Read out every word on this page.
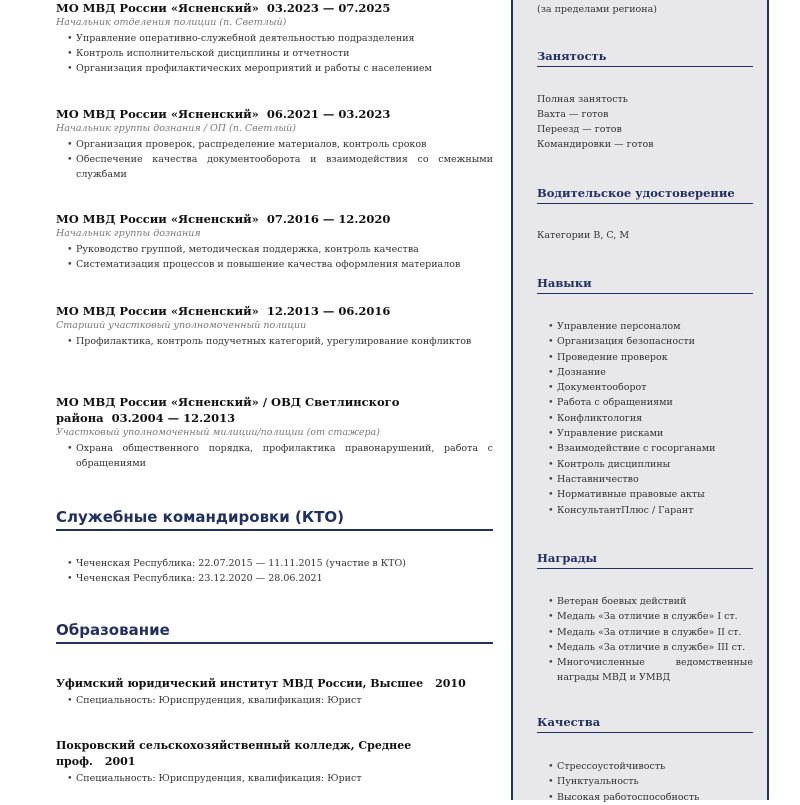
МО МВД России «Ясненский» 03.2023 — 07.2025
Начальник отделения полиции (п. Светлый)
• Управление оперативно-служебной деятельностью подразделения
• Контроль исполнительской дисциплины и отчетности
• Организация профилактических мероприятий и работы с населением
МО МВД России «Ясненский» 06.2021 — 03.2023
Начальник группы дознания / ОП (п. Светлый)
• Организация проверок, распределение материалов, контроль сроков
• Обеспечение качества документооборота и взаимодействия со смежными службами
МО МВД России «Ясненский» 07.2016 — 12.2020
Начальник группы дознания
• Руководство группой, методическая поддержка, контроль качества
• Систематизация процессов и повышение качества оформления материалов
МО МВД России «Ясненский» 12.2013 — 06.2016
Старший участковый уполномоченный полиции
• Профилактика, контроль подучетных категорий, урегулирование конфликтов
МО МВД России «Ясненский» / ОВД Светлинского района 03.2004 — 12.2013
Участковый уполномоченный милиции/полиции (от стажера)
• Охрана общественного порядка, профилактика правонарушений, работа с обращениями
Служебные командировки (КТО)
• Чеченская Республика: 22.07.2015 — 11.11.2015 (участие в КТО)
• Чеченская Республика: 23.12.2020 — 28.06.2021
Образование
Уфимский юридический институт МВД России, Высшее 2010
• Специальность: Юриспруденция, квалификация: Юрист
Покровский сельскохозяйственный колледж, Среднее проф. 2001
• Специальность: Юриспруденция, квалификация: Юрист
(за пределами региона)
Занятость
Полная занятость
Вахта — готов
Переезд — готов
Командировки — готов
Водительское удостоверение
Категории B, C, M
Навыки
• Управление персоналом
• Организация безопасности
• Проведение проверок
• Дознание
• Документооборот
• Работа с обращениями
• Конфликтология
• Управление рисками
• Взаимодействие с госорганами
• Контроль дисциплины
• Наставничество
• Нормативные правовые акты
• КонсультантПлюс / Гарант
Награды
• Ветеран боевых действий
• Медаль «За отличие в службе» I ст.
• Медаль «За отличие в службе» II ст.
• Медаль «За отличие в службе» III ст.
• Многочисленные ведомственные награды МВД и УМВД
Качества
• Стрессоустойчивость
• Пунктуальность
• Высокая работоспособность
